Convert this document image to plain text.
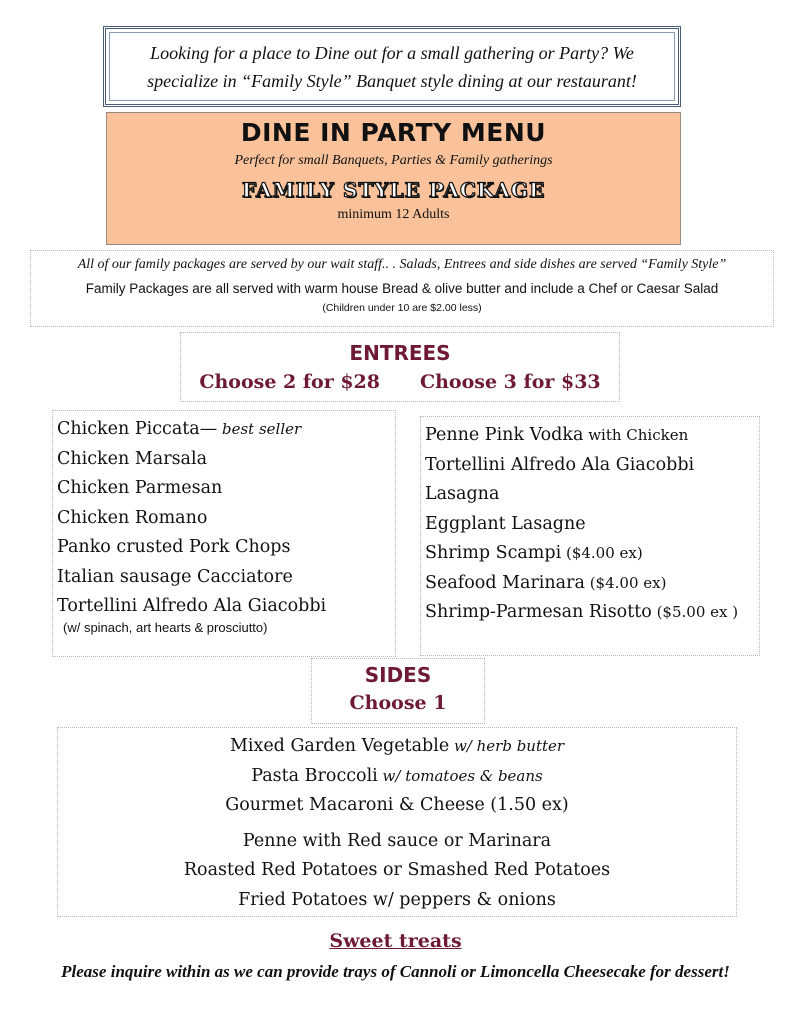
Looking for a place to Dine out for a small gathering or Party? We
specialize in “Family Style” Banquet style dining at our restaurant!
DINE IN PARTY MENU
Perfect for small Banquets, Parties & Family gatherings
FAMILY STYLE PACKAGE
minimum 12 Adults
All of our family packages are served by our wait staff.. . Salads, Entrees and side dishes are served “Family Style”
Family Packages are all served with warm house Bread & olive butter and include a Chef or Caesar Salad
(Children under 10 are $2.00 less)
ENTREES
Choose 2 for $28 Choose 3 for $33
Chicken Piccata— best seller
Chicken Marsala
Chicken Parmesan
Chicken Romano
Panko crusted Pork Chops
Italian sausage Cacciatore
Tortellini Alfredo Ala Giacobbi
(w/ spinach, art hearts & prosciutto)
Penne Pink Vodka with Chicken
Tortellini Alfredo Ala Giacobbi
Lasagna
Eggplant Lasagne
Shrimp Scampi ($4.00 ex)
Seafood Marinara ($4.00 ex)
Shrimp-Parmesan Risotto ($5.00 ex )
SIDES
Choose 1
Mixed Garden Vegetable w/ herb butter
Pasta Broccoli w/ tomatoes & beans
Gourmet Macaroni & Cheese (1.50 ex)
Penne with Red sauce or Marinara
Roasted Red Potatoes or Smashed Red Potatoes
Fried Potatoes w/ peppers & onions
Sweet treats
Please inquire within as we can provide trays of Cannoli or Limoncella Cheesecake for dessert!
